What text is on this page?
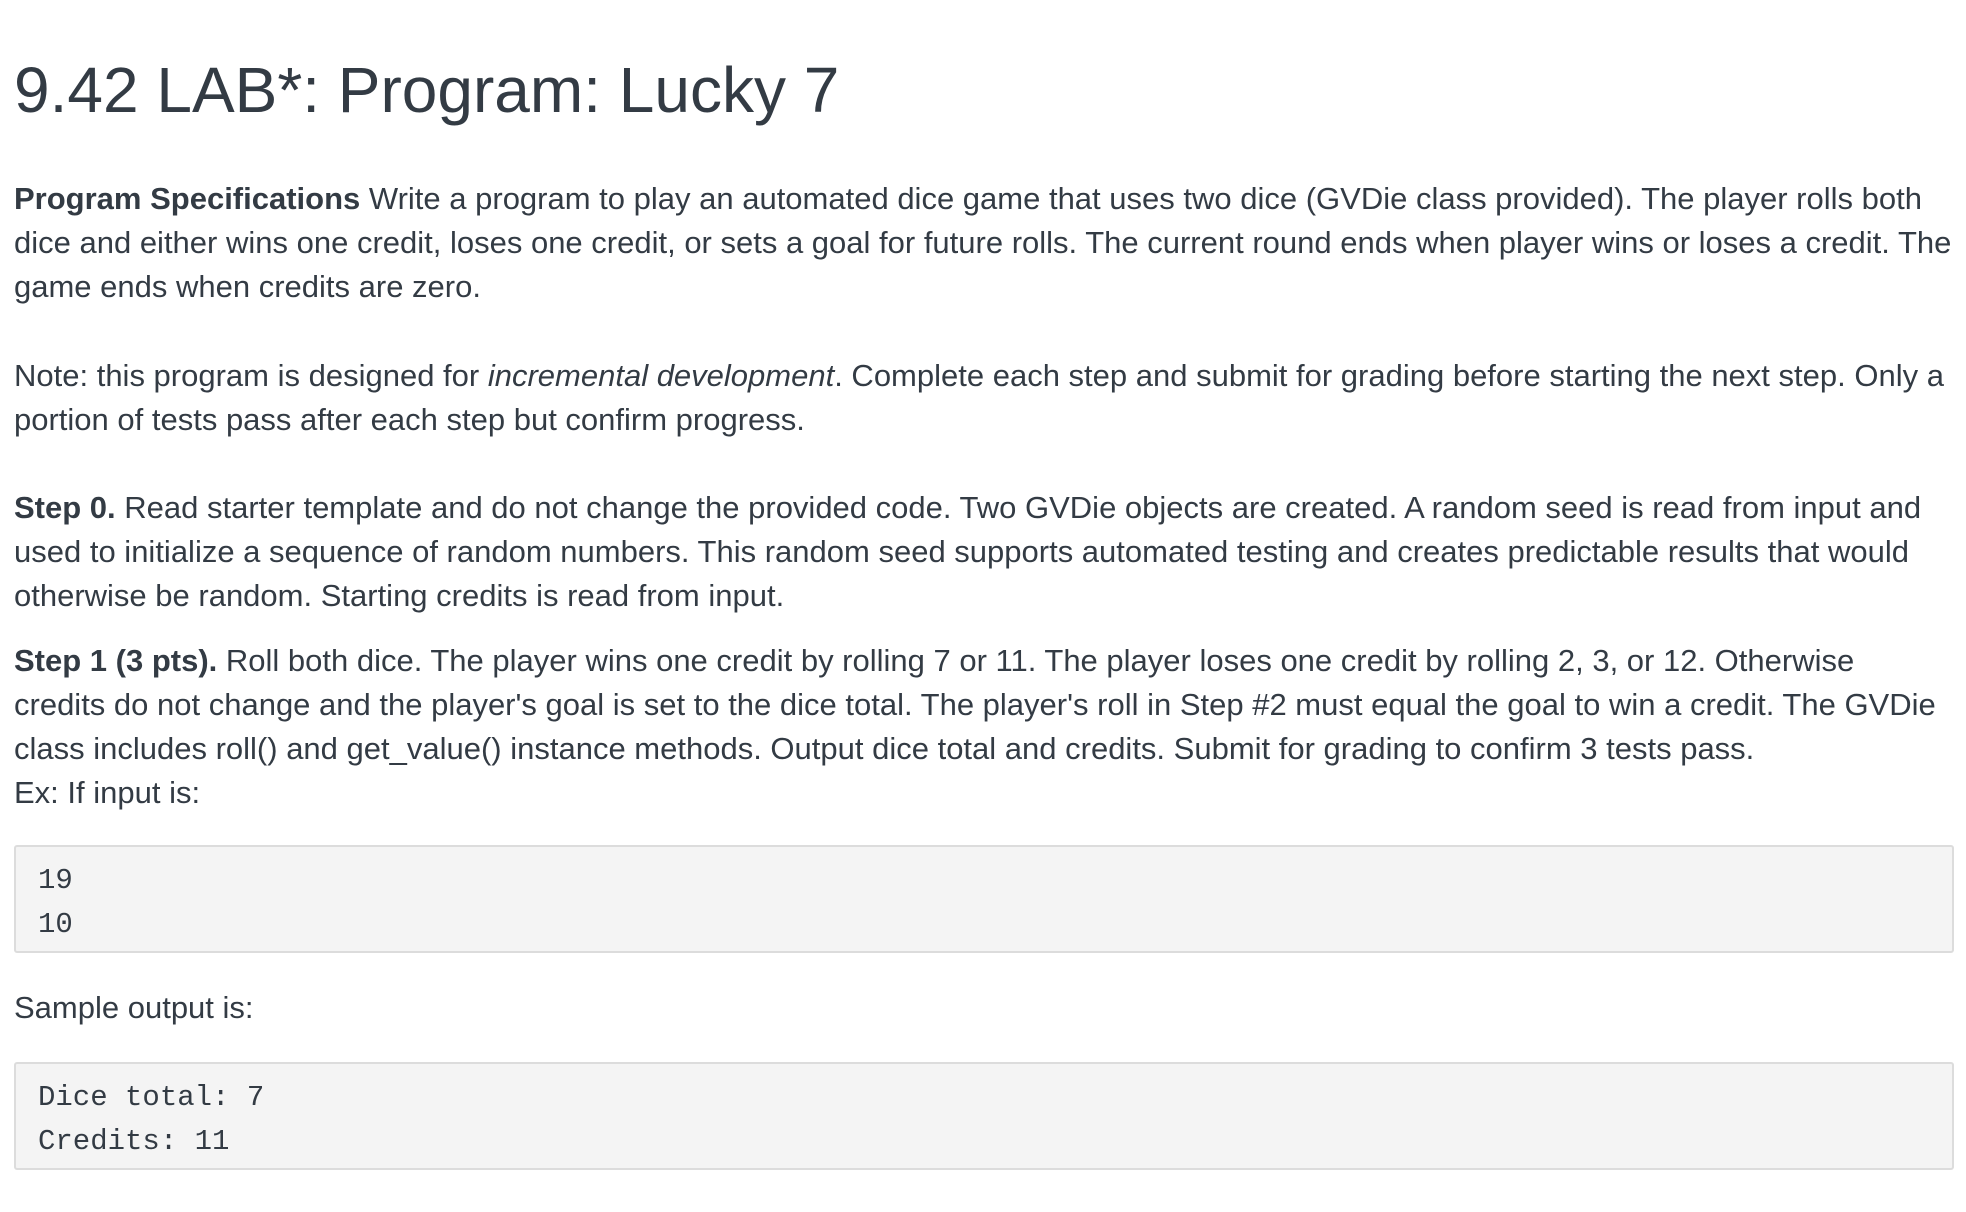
9.42 LAB*: Program: Lucky 7

Program Specifications Write a program to play an automated dice game that uses two dice (GVDie class provided). The player rolls both dice and either wins one credit, loses one credit, or sets a goal for future rolls. The current round ends when player wins or loses a credit. The game ends when credits are zero.

Note: this program is designed for incremental development. Complete each step and submit for grading before starting the next step. Only a portion of tests pass after each step but confirm progress.

Step 0. Read starter template and do not change the provided code. Two GVDie objects are created. A random seed is read from input and used to initialize a sequence of random numbers. This random seed supports automated testing and creates predictable results that would otherwise be random. Starting credits is read from input.

Step 1 (3 pts). Roll both dice. The player wins one credit by rolling 7 or 11. The player loses one credit by rolling 2, 3, or 12. Otherwise credits do not change and the player's goal is set to the dice total. The player's roll in Step #2 must equal the goal to win a credit. The GVDie class includes roll() and get_value() instance methods. Output dice total and credits. Submit for grading to confirm 3 tests pass.
Ex: If input is:

19
10

Sample output is:

Dice total: 7
Credits: 11
